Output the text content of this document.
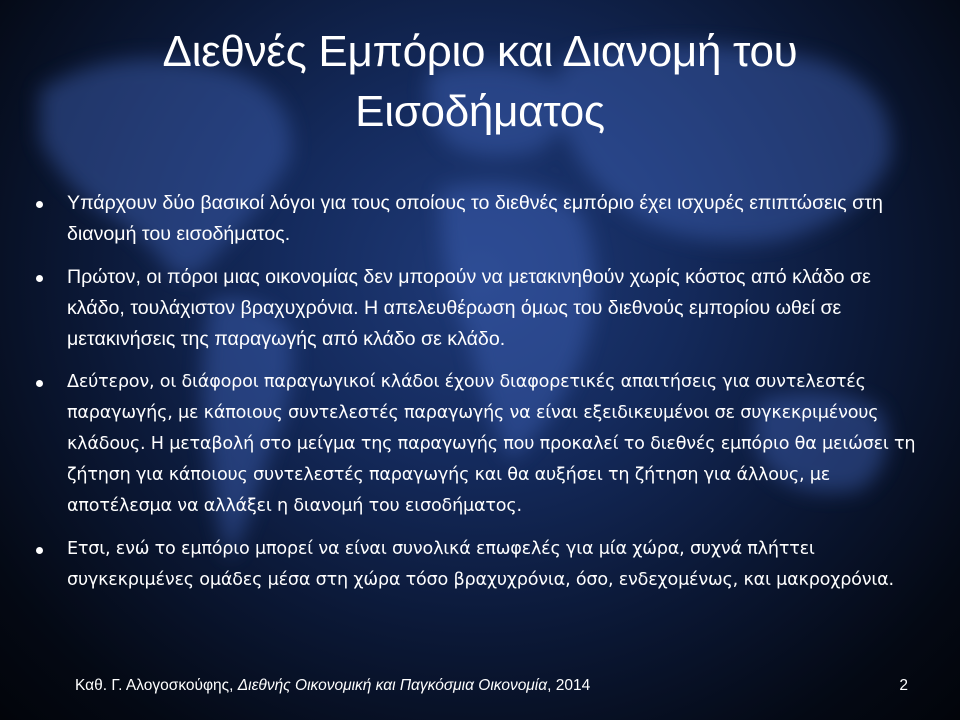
Διεθνές Εμπόριο και Διανομή του
Εισοδήματος
Υπάρχουν δύο βασικοί λόγοι για τους οποίους το διεθνές εμπόριο έχει ισχυρές επιπτώσεις στη διανομή του εισοδήματος.
Πρώτον, οι πόροι μιας οικονομίας δεν μπορούν να μετακινηθούν χωρίς κόστος από κλάδο σε κλάδο, τουλάχιστον βραχυχρόνια. Η απελευθέρωση όμως του διεθνούς εμπορίου ωθεί σε μετακινήσεις της παραγωγής από κλάδο σε κλάδο.
Δεύτερον, οι διάφοροι παραγωγικοί κλάδοι έχουν διαφορετικές απαιτήσεις για συντελεστές παραγωγής, με κάποιους συντελεστές παραγωγής να είναι εξειδικευμένοι σε συγκεκριμένους κλάδους. Η μεταβολή στο μείγμα της παραγωγής που προκαλεί το διεθνές εμπόριο θα μειώσει τη ζήτηση για κάποιους συντελεστές παραγωγής και θα αυξήσει τη ζήτηση για άλλους, με αποτέλεσμα να αλλάξει η διανομή του εισοδήματος.
Ετσι, ενώ το εμπόριο μπορεί να είναι συνολικά επωφελές για μία χώρα, συχνά πλήττει συγκεκριμένες ομάδες μέσα στη χώρα τόσο βραχυχρόνια, όσο, ενδεχομένως, και μακροχρόνια.
Καθ. Γ. Αλογοσκούφης, Διεθνής Οικονομική και Παγκόσμια Οικονομία, 2014	2
